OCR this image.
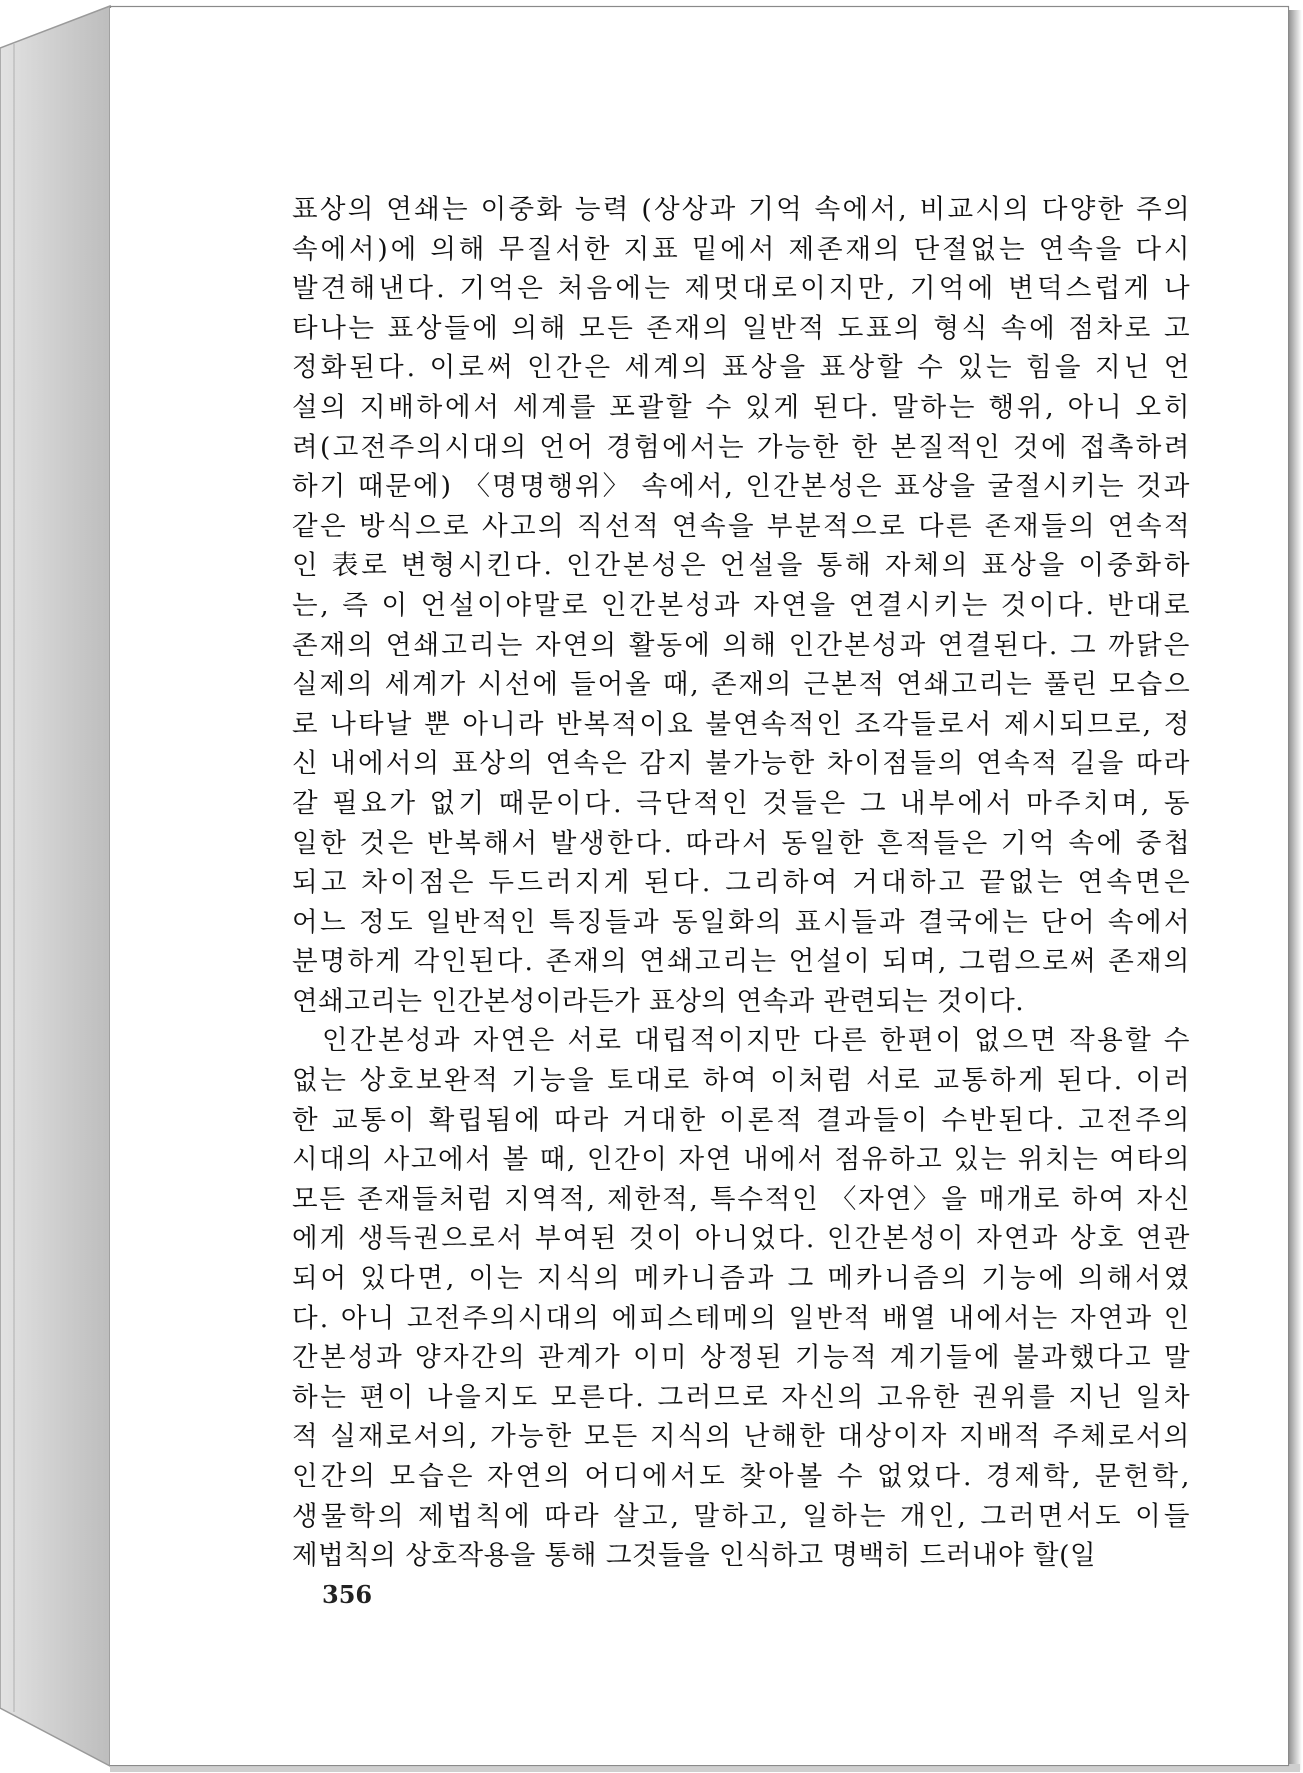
표상의 연쇄는 이중화 능력 (상상과 기억 속에서, 비교시의 다양한 주의
속에서)에 의해 무질서한 지표 밑에서 제존재의 단절없는 연속을 다시
발견해낸다. 기억은 처음에는 제멋대로이지만, 기억에 변덕스럽게 나
타나는 표상들에 의해 모든 존재의 일반적 도표의 형식 속에 점차로 고
정화된다. 이로써 인간은 세계의 표상을 표상할 수 있는 힘을 지닌 언
설의 지배하에서 세계를 포괄할 수 있게 된다. 말하는 행위, 아니 오히
려(고전주의시대의 언어 경험에서는 가능한 한 본질적인 것에 접촉하려
하기 때문에) 〈명명행위〉 속에서, 인간본성은 표상을 굴절시키는 것과
같은 방식으로 사고의 직선적 연속을 부분적으로 다른 존재들의 연속적
인 表로 변형시킨다. 인간본성은 언설을 통해 자체의 표상을 이중화하
는, 즉 이 언설이야말로 인간본성과 자연을 연결시키는 것이다. 반대로
존재의 연쇄고리는 자연의 활동에 의해 인간본성과 연결된다. 그 까닭은
실제의 세계가 시선에 들어올 때, 존재의 근본적 연쇄고리는 풀린 모습으
로 나타날 뿐 아니라 반복적이요 불연속적인 조각들로서 제시되므로, 정
신 내에서의 표상의 연속은 감지 불가능한 차이점들의 연속적 길을 따라
갈 필요가 없기 때문이다. 극단적인 것들은 그 내부에서 마주치며, 동
일한 것은 반복해서 발생한다. 따라서 동일한 흔적들은 기억 속에 중첩
되고 차이점은 두드러지게 된다. 그리하여 거대하고 끝없는 연속면은
어느 정도 일반적인 특징들과 동일화의 표시들과 결국에는 단어 속에서
분명하게 각인된다. 존재의 연쇄고리는 언설이 되며, 그럼으로써 존재의
연쇄고리는 인간본성이라든가 표상의 연속과 관련되는 것이다.
인간본성과 자연은 서로 대립적이지만 다른 한편이 없으면 작용할 수
없는 상호보완적 기능을 토대로 하여 이처럼 서로 교통하게 된다. 이러
한 교통이 확립됨에 따라 거대한 이론적 결과들이 수반된다. 고전주의
시대의 사고에서 볼 때, 인간이 자연 내에서 점유하고 있는 위치는 여타의
모든 존재들처럼 지역적, 제한적, 특수적인 〈자연〉을 매개로 하여 자신
에게 생득권으로서 부여된 것이 아니었다. 인간본성이 자연과 상호 연관
되어 있다면, 이는 지식의 메카니즘과 그 메카니즘의 기능에 의해서였
다. 아니 고전주의시대의 에피스테메의 일반적 배열 내에서는 자연과 인
간본성과 양자간의 관계가 이미 상정된 기능적 계기들에 불과했다고 말
하는 편이 나을지도 모른다. 그러므로 자신의 고유한 권위를 지닌 일차
적 실재로서의, 가능한 모든 지식의 난해한 대상이자 지배적 주체로서의
인간의 모습은 자연의 어디에서도 찾아볼 수 없었다. 경제학, 문헌학,
생물학의 제법칙에 따라 살고, 말하고, 일하는 개인, 그러면서도 이들
제법칙의 상호작용을 통해 그것들을 인식하고 명백히 드러내야 할(일
356
